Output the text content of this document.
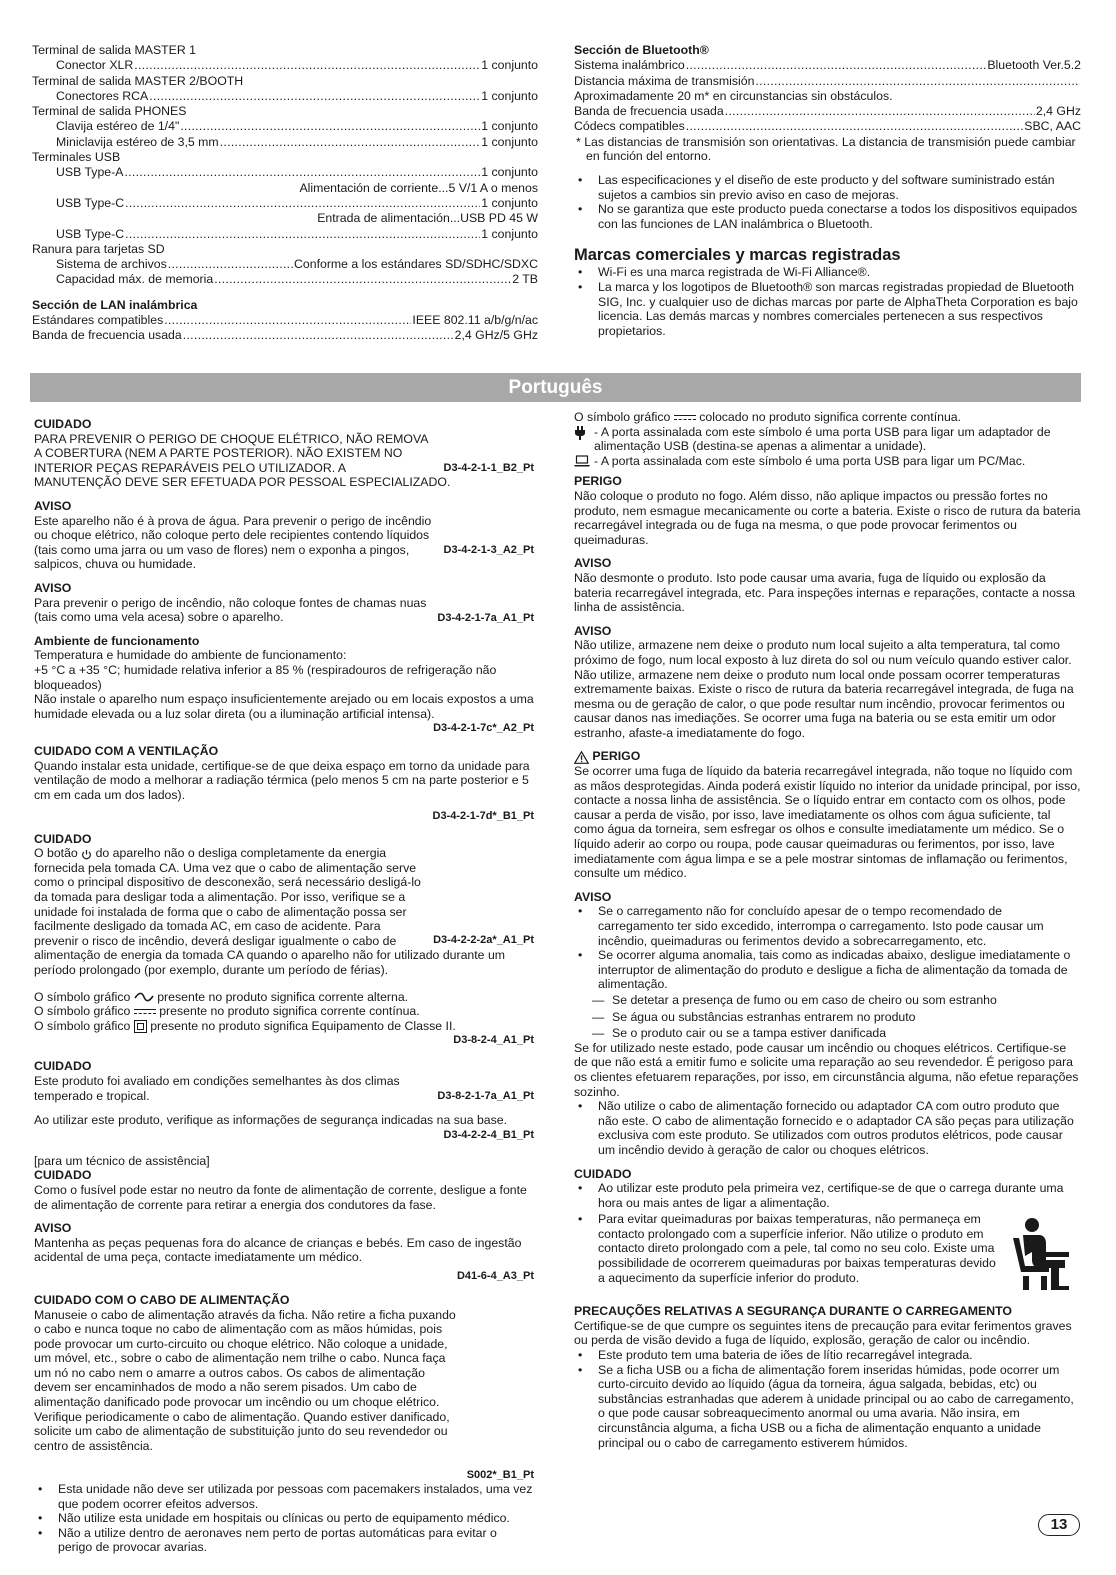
Terminal de salida MASTER 1
Conector XLR .....	1 conjunto
Terminal de salida MASTER 2/BOOTH
Conectores RCA .....	1 conjunto
Terminal de salida PHONES
Clavija estéreo de 1/4" .....	1 conjunto
Miniclavija estéreo de 3,5 mm .....	1 conjunto
Terminales USB
USB Type-A .....	1 conjunto
Alimentación de corriente...5 V/1 A o menos
USB Type-C .....	1 conjunto
Entrada de alimentación...USB PD 45 W
USB Type-C .....	1 conjunto
Ranura para tarjetas SD
Sistema de archivos .....	Conforme a los estándares SD/SDHC/SDXC
Capacidad máx. de memoria .....	2 TB
Sección de LAN inalámbrica
Estándares compatibles .....	IEEE 802.11 a/b/g/n/ac
Banda de frecuencia usada .....	2,4 GHz/5 GHz
Sección de Bluetooth®
Sistema inalámbrico .....	Bluetooth Ver.5.2
Distancia máxima de transmisión
.....
Aproximadamente 20 m* en circunstancias sin obstáculos.
Banda de frecuencia usada .....	2,4 GHz
Códecs compatibles .....	SBC, AAC
* Las distancias de transmisión son orientativas. La distancia de transmisión puede cambiar en función del entorno.
• Las especificaciones y el diseño de este producto y del software suministrado están sujetos a cambios sin previo aviso en caso de mejoras.
• No se garantiza que este producto pueda conectarse a todos los dispositivos equipados con las funciones de LAN inalámbrica o Bluetooth.
Marcas comerciales y marcas registradas
• Wi-Fi es una marca registrada de Wi-Fi Alliance®.
• La marca y los logotipos de Bluetooth® son marcas registradas propiedad de Bluetooth SIG, Inc. y cualquier uso de dichas marcas por parte de AlphaTheta Corporation es bajo licencia. Las demás marcas y nombres comerciales pertenecen a sus respectivos propietarios.
Português
CUIDADO
D3-4-2-1-1_B2_Pt
PARA PREVENIR O PERIGO DE CHOQUE ELÉTRICO, NÃO REMOVA A COBERTURA (NEM A PARTE POSTERIOR). NÃO EXISTEM NO INTERIOR PEÇAS REPARÁVEIS PELO UTILIZADOR. A MANUTENÇÃO DEVE SER EFETUADA POR PESSOAL ESPECIALIZADO.
AVISO
D3-4-2-1-3_A2_Pt
Este aparelho não é à prova de água. Para prevenir o perigo de incêndio ou choque elétrico, não coloque perto dele recipientes contendo líquidos (tais como uma jarra ou um vaso de flores) nem o exponha a pingos, salpicos, chuva ou humidade.
AVISO
D3-4-2-1-7a_A1_Pt
Para prevenir o perigo de incêndio, não coloque fontes de chamas nuas (tais como uma vela acesa) sobre o aparelho.
Ambiente de funcionamento
Temperatura e humidade do ambiente de funcionamento:
+5 °C a +35 °C; humidade relativa inferior a 85 % (respiradouros de refrigeração não bloqueados)
Não instale o aparelho num espaço insuficientemente arejado ou em locais expostos a uma humidade elevada ou a luz solar direta (ou a iluminação artificial intensa).
D3-4-2-1-7c*_A2_Pt
CUIDADO COM A VENTILAÇÃO
Quando instalar esta unidade, certifique-se de que deixa espaço em torno da unidade para ventilação de modo a melhorar a radiação térmica (pelo menos 5 cm na parte posterior e 5 cm em cada um dos lados).
D3-4-2-1-7d*_B1_Pt
CUIDADO
D3-4-2-2-2a*_A1_Pt
O botão  do aparelho não o desliga completamente da energia fornecida pela tomada CA. Uma vez que o cabo de alimentação serve como o principal dispositivo de desconexão, será necessário desligá-lo da tomada para desligar toda a alimentação. Por isso, verifique se a unidade foi instalada de forma que o cabo de alimentação possa ser facilmente desligado da tomada AC, em caso de acidente. Para prevenir o risco de incêndio, deverá desligar igualmente o cabo de alimentação de energia da tomada CA quando o aparelho não for utilizado durante um período prolongado (por exemplo, durante um período de férias).
O símbolo gráfico presente no produto significa corrente alterna.
O símbolo gráfico presente no produto significa corrente contínua.
O símbolo gráfico presente no produto significa Equipamento de Classe II.
D3-8-2-4_A1_Pt
CUIDADO
D3-8-2-1-7a_A1_Pt
Este produto foi avaliado em condições semelhantes às dos climas temperado e tropical.
Ao utilizar este produto, verifique as informações de segurança indicadas na sua base.
D3-4-2-2-4_B1_Pt
[para um técnico de assistência]
CUIDADO
Como o fusível pode estar no neutro da fonte de alimentação de corrente, desligue a fonte de alimentação de corrente para retirar a energia dos condutores da fase.
AVISO
Mantenha as peças pequenas fora do alcance de crianças e bebés. Em caso de ingestão acidental de uma peça, contacte imediatamente um médico.
D41-6-4_A3_Pt
CUIDADO COM O CABO DE ALIMENTAÇÃO
S002*_B1_Pt
Manuseie o cabo de alimentação através da ficha. Não retire a ficha puxando o cabo e nunca toque no cabo de alimentação com as mãos húmidas, pois pode provocar um curto-circuito ou choque elétrico. Não coloque a unidade, um móvel, etc., sobre o cabo de alimentação nem trilhe o cabo. Nunca faça um nó no cabo nem o amarre a outros cabos. Os cabos de alimentação devem ser encaminhados de modo a não serem pisados. Um cabo de alimentação danificado pode provocar um incêndio ou um choque elétrico. Verifique periodicamente o cabo de alimentação. Quando estiver danificado, solicite um cabo de alimentação de substituição junto do seu revendedor ou centro de assistência.
• Esta unidade não deve ser utilizada por pessoas com pacemakers instalados, uma vez que podem ocorrer efeitos adversos.
• Não utilize esta unidade em hospitais ou clínicas ou perto de equipamento médico.
• Não a utilize dentro de aeronaves nem perto de portas automáticas para evitar o perigo de provocar avarias.
O símbolo gráfico colocado no produto significa corrente contínua.
- A porta assinalada com este símbolo é uma porta USB para ligar um adaptador de alimentação USB (destina-se apenas a alimentar a unidade).
- A porta assinalada com este símbolo é uma porta USB para ligar um PC/Mac.
PERIGO
Não coloque o produto no fogo. Além disso, não aplique impactos ou pressão fortes no produto, nem esmague mecanicamente ou corte a bateria. Existe o risco de rutura da bateria recarregável integrada ou de fuga na mesma, o que pode provocar ferimentos ou queimaduras.
AVISO
Não desmonte o produto. Isto pode causar uma avaria, fuga de líquido ou explosão da bateria recarregável integrada, etc. Para inspeções internas e reparações, contacte a nossa linha de assistência.
AVISO
Não utilize, armazene nem deixe o produto num local sujeito a alta temperatura, tal como próximo de fogo, num local exposto à luz direta do sol ou num veículo quando estiver calor. Não utilize, armazene nem deixe o produto num local onde possam ocorrer temperaturas extremamente baixas. Existe o risco de rutura da bateria recarregável integrada, de fuga na mesma ou de geração de calor, o que pode resultar num incêndio, provocar ferimentos ou causar danos nas imediações. Se ocorrer uma fuga na bateria ou se esta emitir um odor estranho, afaste-a imediatamente do fogo.
PERIGO
Se ocorrer uma fuga de líquido da bateria recarregável integrada, não toque no líquido com as mãos desprotegidas. Ainda poderá existir líquido no interior da unidade principal, por isso, contacte a nossa linha de assistência. Se o líquido entrar em contacto com os olhos, pode causar a perda de visão, por isso, lave imediatamente os olhos com água suficiente, tal como água da torneira, sem esfregar os olhos e consulte imediatamente um médico. Se o líquido aderir ao corpo ou roupa, pode causar queimaduras ou ferimentos, por isso, lave imediatamente com água limpa e se a pele mostrar sintomas de inflamação ou ferimentos, consulte um médico.
AVISO
• Se o carregamento não for concluído apesar de o tempo recomendado de carregamento ter sido excedido, interrompa o carregamento. Isto pode causar um incêndio, queimaduras ou ferimentos devido a sobrecarregamento, etc.
• Se ocorrer alguma anomalia, tais como as indicadas abaixo, desligue imediatamente o interruptor de alimentação do produto e desligue a ficha de alimentação da tomada de alimentação.
— Se detetar a presença de fumo ou em caso de cheiro ou som estranho
— Se água ou substâncias estranhas entrarem no produto
— Se o produto cair ou se a tampa estiver danificada
Se for utilizado neste estado, pode causar um incêndio ou choques elétricos. Certifique-se de que não está a emitir fumo e solicite uma reparação ao seu revendedor. É perigoso para os clientes efetuarem reparações, por isso, em circunstância alguma, não efetue reparações sozinho.
• Não utilize o cabo de alimentação fornecido ou adaptador CA com outro produto que não este. O cabo de alimentação fornecido e o adaptador CA são peças para utilização exclusiva com este produto. Se utilizados com outros produtos elétricos, pode causar um incêndio devido à geração de calor ou choques elétricos.
CUIDADO
• Ao utilizar este produto pela primeira vez, certifique-se de que o carrega durante uma hora ou mais antes de ligar a alimentação.
• Para evitar queimaduras por baixas temperaturas, não permaneça em contacto prolongado com a superfície inferior. Não utilize o produto em contacto direto prolongado com a pele, tal como no seu colo. Existe uma possibilidade de ocorrerem queimaduras por baixas temperaturas devido a aquecimento da superfície inferior do produto.
PRECAUÇÕES RELATIVAS A SEGURANÇA DURANTE O CARREGAMENTO
Certifique-se de que cumpre os seguintes itens de precaução para evitar ferimentos graves ou perda de visão devido a fuga de líquido, explosão, geração de calor ou incêndio.
• Este produto tem uma bateria de iões de lítio recarregável integrada.
• Se a ficha USB ou a ficha de alimentação forem inseridas húmidas, pode ocorrer um curto-circuito devido ao líquido (água da torneira, água salgada, bebidas, etc) ou substâncias estranhadas que aderem à unidade principal ou ao cabo de carregamento, o que pode causar sobreaquecimento anormal ou uma avaria. Não insira, em circunstância alguma, a ficha USB ou a ficha de alimentação enquanto a unidade principal ou o cabo de carregamento estiverem húmidos.
13
